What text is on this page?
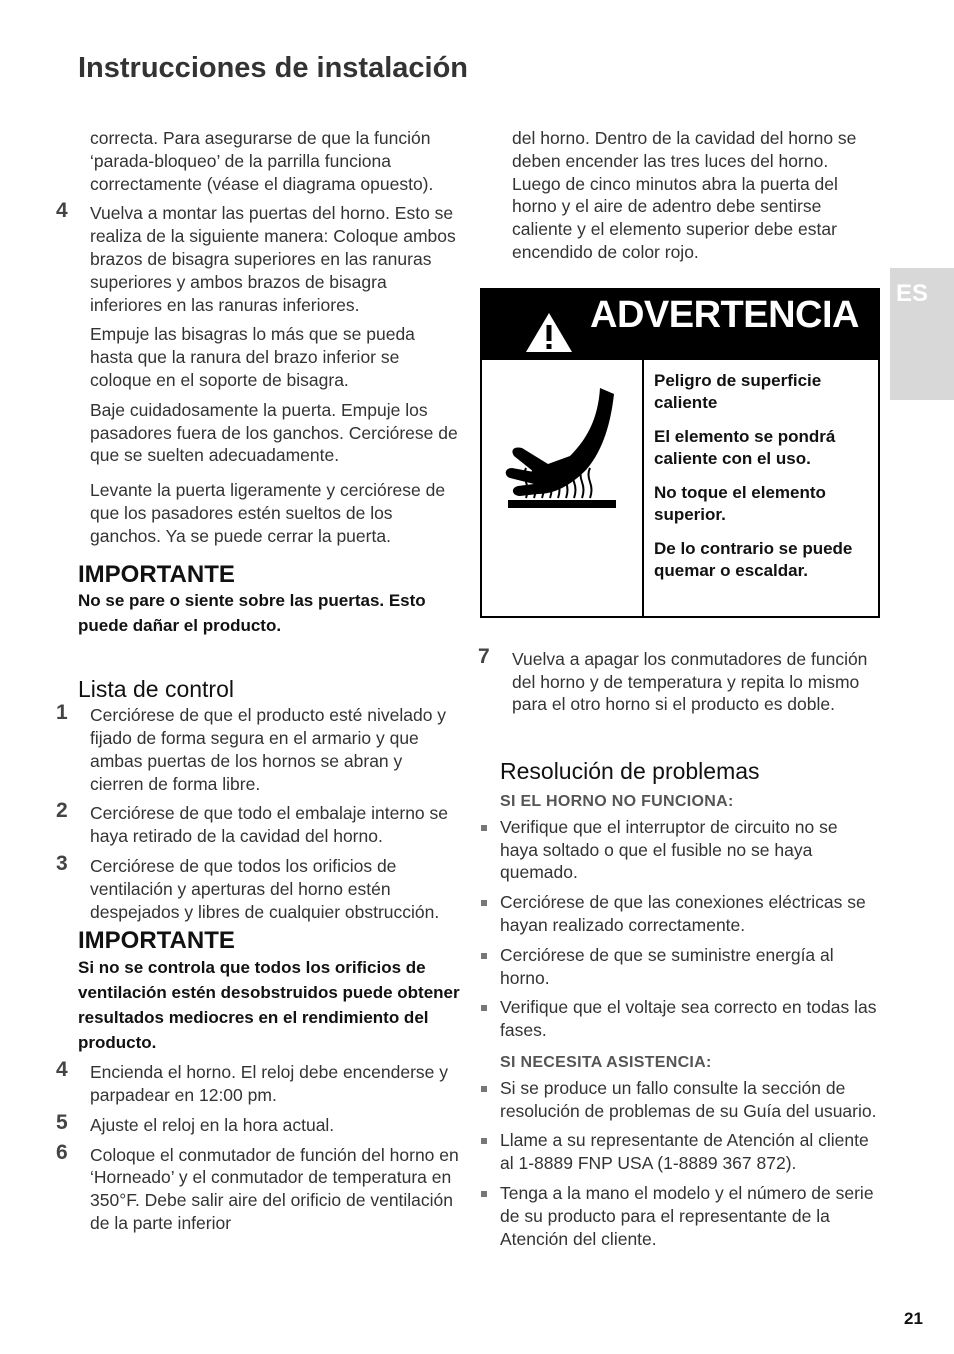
Instrucciones de instalación
ES

correcta. Para asegurarse de que la función ‘parada-bloqueo’ de la parrilla funciona correctamente (véase el diagrama opuesto).

4 Vuelva a montar las puertas del horno. Esto se realiza de la siguiente manera: Coloque ambos brazos de bisagra superiores en las ranuras superiores y ambos brazos de bisagra inferiores en las ranuras inferiores.

Empuje las bisagras lo más que se pueda hasta que la ranura del brazo inferior se coloque en el soporte de bisagra.

Baje cuidadosamente la puerta. Empuje los pasadores fuera de los ganchos. Cerciórese de que se suelten adecuadamente.

Levante la puerta ligeramente y cerciórese de que los pasadores estén sueltos de los ganchos. Ya se puede cerrar la puerta.

IMPORTANTE
No se pare o siente sobre las puertas. Esto puede dañar el producto.
Lista de control
1 Cerciórese de que el producto esté nivelado y fijado de forma segura en el armario y que ambas puertas de los hornos se abran y cierren de forma libre.
2 Cerciórese de que todo el embalaje interno se haya retirado de la cavidad del horno.
3 Cerciórese de que todos los orificios de ventilación y aperturas del horno estén despejados y libres de cualquier obstrucción.
IMPORTANTE
Si no se controla que todos los orificios de ventilación estén desobstruidos puede obtener resultados mediocres en el rendimiento del producto.
4 Encienda el horno. El reloj debe encenderse y parpadear en 12:00 pm.
5 Ajuste el reloj en la hora actual.
6 Coloque el conmutador de función del horno en ‘Horneado’ y el conmutador de temperatura en 350°F. Debe salir aire del orificio de ventilación de la parte inferior

del horno. Dentro de la cavidad del horno se deben encender las tres luces del horno. Luego de cinco minutos abra la puerta del horno y el aire de adentro debe sentirse caliente y el elemento superior debe estar encendido de color rojo.

ADVERTENCIA
Peligro de superficie caliente
El elemento se pondrá caliente con el uso.
No toque el elemento superior.
De lo contrario se puede quemar o escaldar.
7 Vuelva a apagar los conmutadores de función del horno y de temperatura y repita lo mismo para el otro horno si el producto es doble.
Resolución de problemas
SI EL HORNO NO FUNCIONA:
Verifique que el interruptor de circuito no se haya soltado o que el fusible no se haya quemado.
Cerciórese de que las conexiones eléctricas se hayan realizado correctamente.
Cerciórese de que se suministre energía al horno.
Verifique que el voltaje sea correcto en todas las fases.
SI NECESITA ASISTENCIA:
Si se produce un fallo consulte la sección de resolución de problemas de su Guía del usuario.
Llame a su representante de Atención al cliente al 1-8889 FNP USA (1-8889 367 872).
Tenga a la mano el modelo y el número de serie de su producto para el representante de la Atención del cliente.
21
